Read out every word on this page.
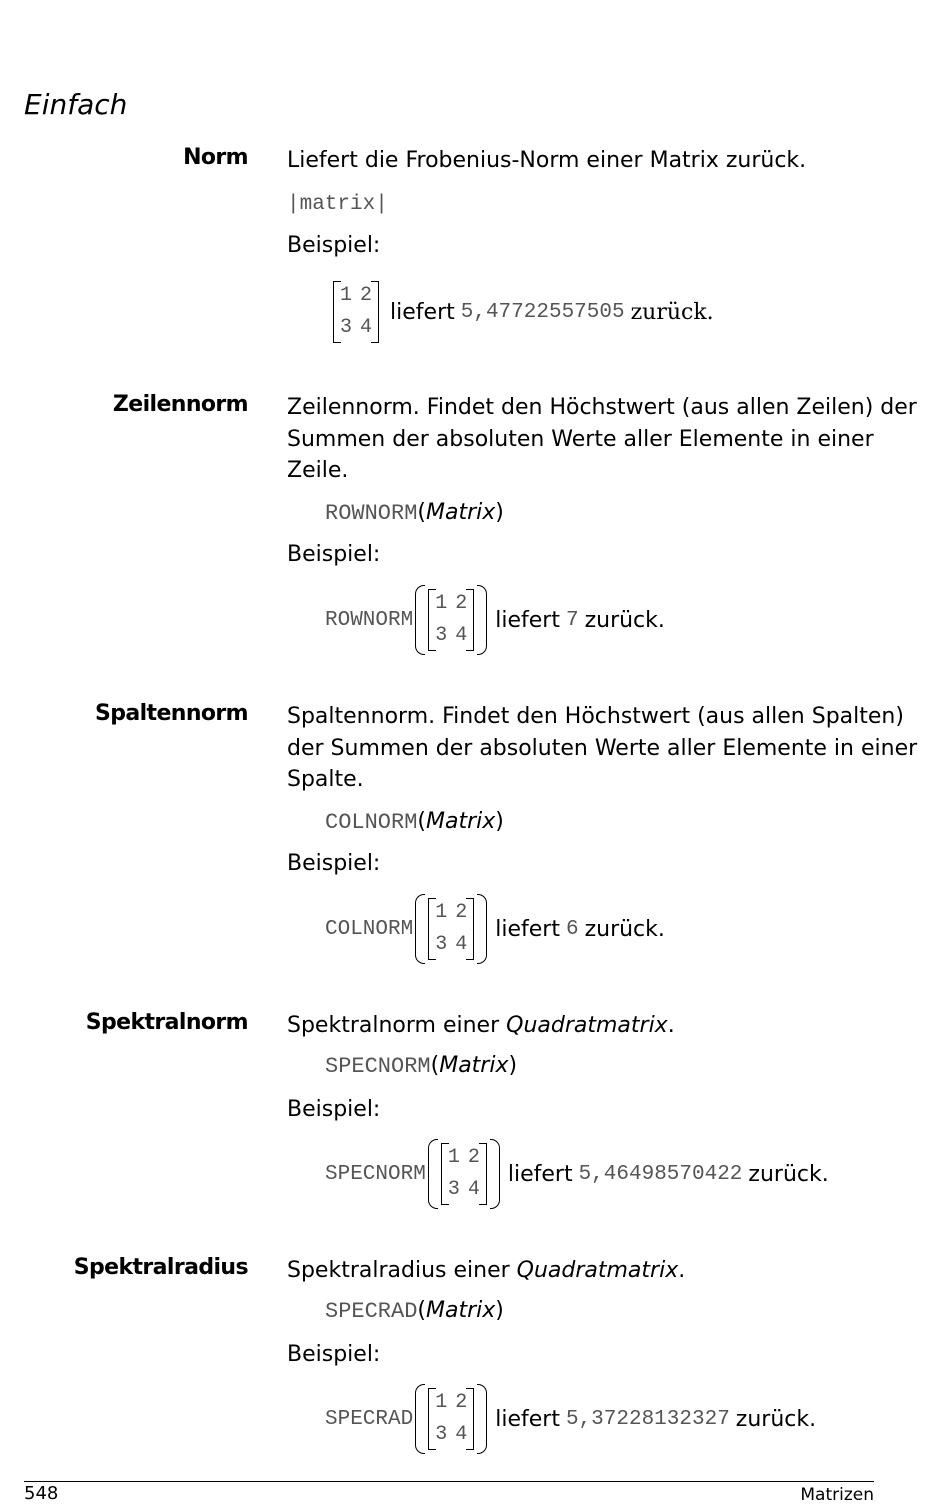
Einfach
Norm Liefert die Frobenius-Norm einer Matrix zurück.
|matrix|
Beispiel:
1 2
3 4
liefert 5,47722557505 zurück.
Zeilennorm Zeilennorm. Findet den Höchstwert (aus allen Zeilen) der
Summen der absoluten Werte aller Elemente in einer
Zeile.
ROWNORM(Matrix)
Beispiel:
ROWNORM
1 2
3 4
liefert 7 zurück.
Spaltennorm Spaltennorm. Findet den Höchstwert (aus allen Spalten)
der Summen der absoluten Werte aller Elemente in einer
Spalte.
COLNORM(Matrix)
Beispiel:
COLNORM
1 2
3 4
liefert 6 zurück.
Spektralnorm Spektralnorm einer Quadratmatrix.
SPECNORM(Matrix)
Beispiel:
SPECNORM
1 2
3 4
liefert 5,46498570422 zurück.
Spektralradius Spektralradius einer Quadratmatrix.
SPECRAD(Matrix)
Beispiel:
SPECRAD
1 2
3 4
liefert 5,37228132327 zurück.
548	Matrizen
